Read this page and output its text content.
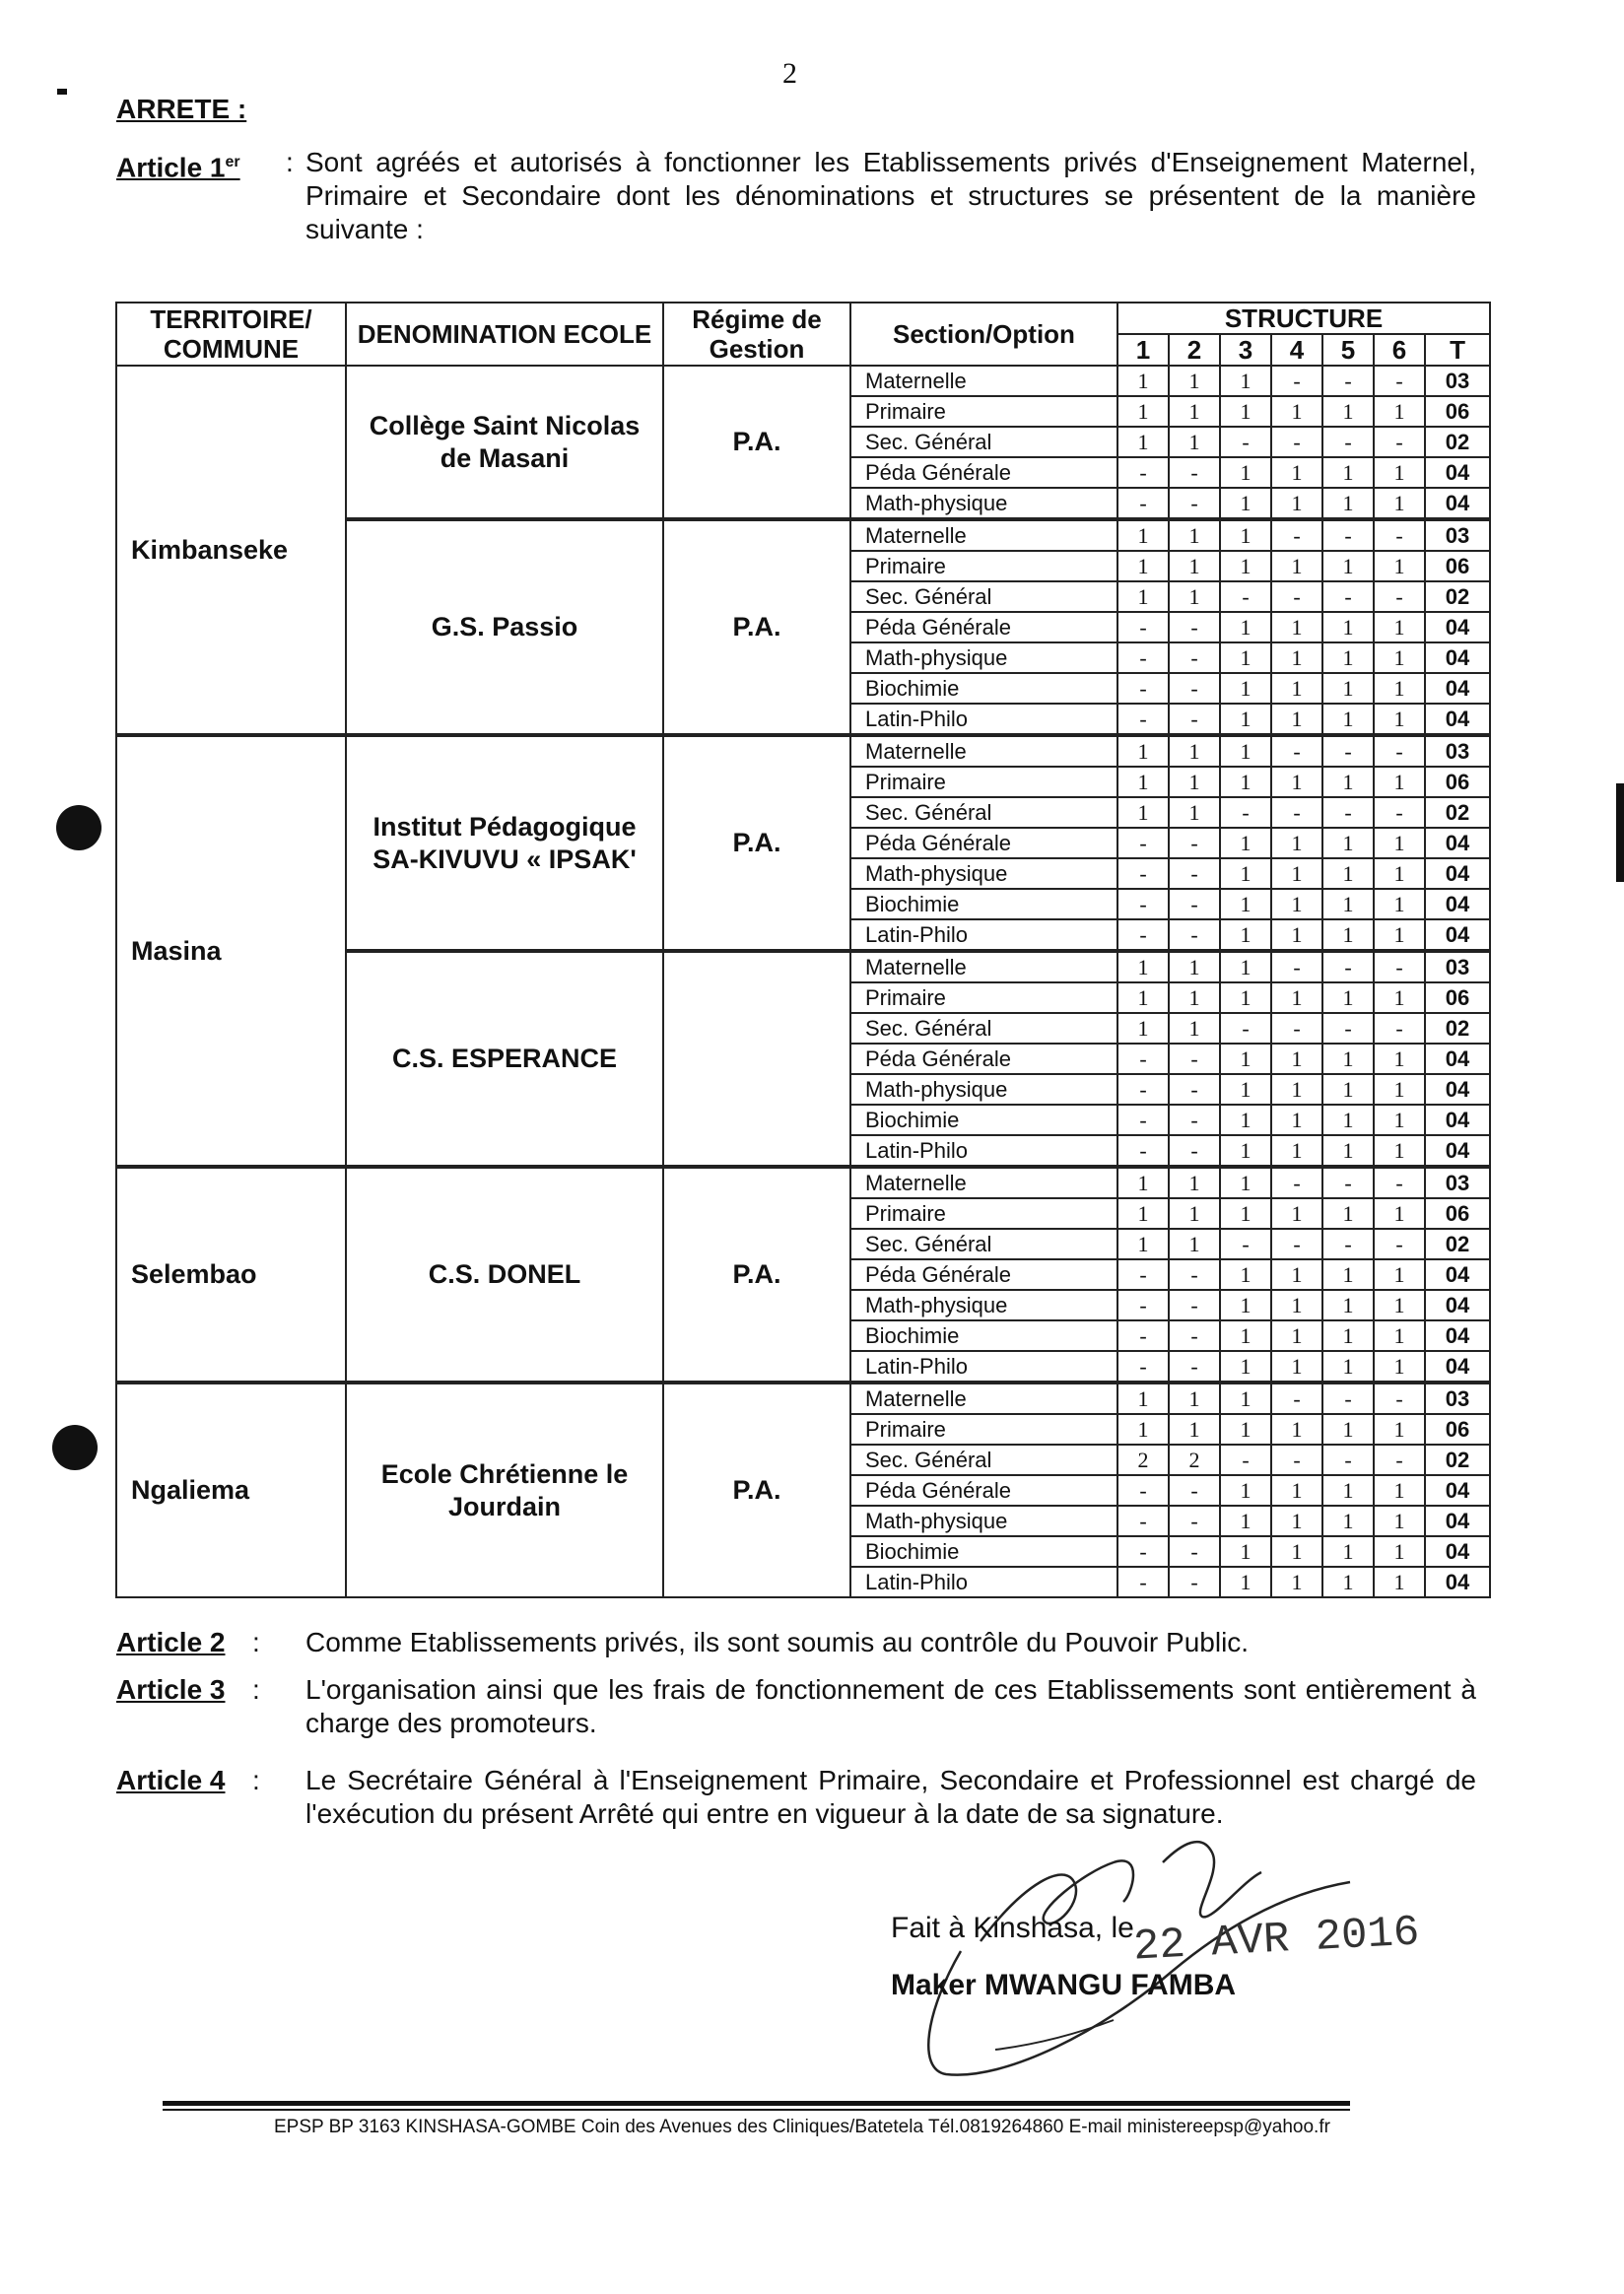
2
ARRETE :
Article 1er : Sont agréés et autorisés à fonctionner les Etablissements privés d'Enseignement Maternel, Primaire et Secondaire dont les dénominations et structures se présentent de la manière suivante :
TERRITOIRE/ COMMUNE	DENOMINATION ECOLE	Régime de Gestion	Section/Option	STRUCTURE						
				1	2	3	4	5	6	T
Kimbanseke	Collège Saint Nicolas de Masani	P.A.	Maternelle	1	1	1	-	-	-	03
			Primaire	1	1	1	1	1	1	06
			Sec. Général	1	1	-	-	-	-	02
			Péda Générale	-	-	1	1	1	1	04
			Math-physique	-	-	1	1	1	1	04
	G.S. Passio	P.A.	Maternelle	1	1	1	-	-	-	03
			Primaire	1	1	1	1	1	1	06
			Sec. Général	1	1	-	-	-	-	02
			Péda Générale	-	-	1	1	1	1	04
			Math-physique	-	-	1	1	1	1	04
			Biochimie	-	-	1	1	1	1	04
			Latin-Philo	-	-	1	1	1	1	04
Masina	Institut Pédagogique SA-KIVUVU « IPSAK'	P.A.	Maternelle	1	1	1	-	-	-	03
			Primaire	1	1	1	1	1	1	06
			Sec. Général	1	1	-	-	-	-	02
			Péda Générale	-	-	1	1	1	1	04
			Math-physique	-	-	1	1	1	1	04
			Biochimie	-	-	1	1	1	1	04
			Latin-Philo	-	-	1	1	1	1	04
	C.S. ESPERANCE		Maternelle	1	1	1	-	-	-	03
			Primaire	1	1	1	1	1	1	06
			Sec. Général	1	1	-	-	-	-	02
			Péda Générale	-	-	1	1	1	1	04
			Math-physique	-	-	1	1	1	1	04
			Biochimie	-	-	1	1	1	1	04
			Latin-Philo	-	-	1	1	1	1	04
Selembao	C.S. DONEL	P.A.	Maternelle	1	1	1	-	-	-	03
			Primaire	1	1	1	1	1	1	06
			Sec. Général	1	1	-	-	-	-	02
			Péda Générale	-	-	1	1	1	1	04
			Math-physique	-	-	1	1	1	1	04
			Biochimie	-	-	1	1	1	1	04
			Latin-Philo	-	-	1	1	1	1	04
Ngaliema	Ecole Chrétienne le Jourdain	P.A.	Maternelle	1	1	1	-	-	-	03
			Primaire	1	1	1	1	1	1	06
			Sec. Général	2	2	-	-	-	-	02
			Péda Générale	-	-	1	1	1	1	04
			Math-physique	-	-	1	1	1	1	04
			Biochimie	-	-	1	1	1	1	04
			Latin-Philo	-	-	1	1	1	1	04
Article 2 : Comme Etablissements privés, ils sont soumis au contrôle du Pouvoir Public.
Article 3 : L'organisation ainsi que les frais de fonctionnement de ces Etablissements sont entièrement à charge des promoteurs.
Article 4 : Le Secrétaire Général à l'Enseignement Primaire, Secondaire et Professionnel est chargé de l'exécution du présent Arrêté qui entre en vigueur à la date de sa signature.
Fait à Kinshasa, le
Maker MWANGU FAMBA
22 AVR 2016
EPSP BP 3163 KINSHASA-GOMBE Coin des Avenues des Cliniques/Batetela Tél.0819264860 E-mail ministereepsp@yahoo.fr
